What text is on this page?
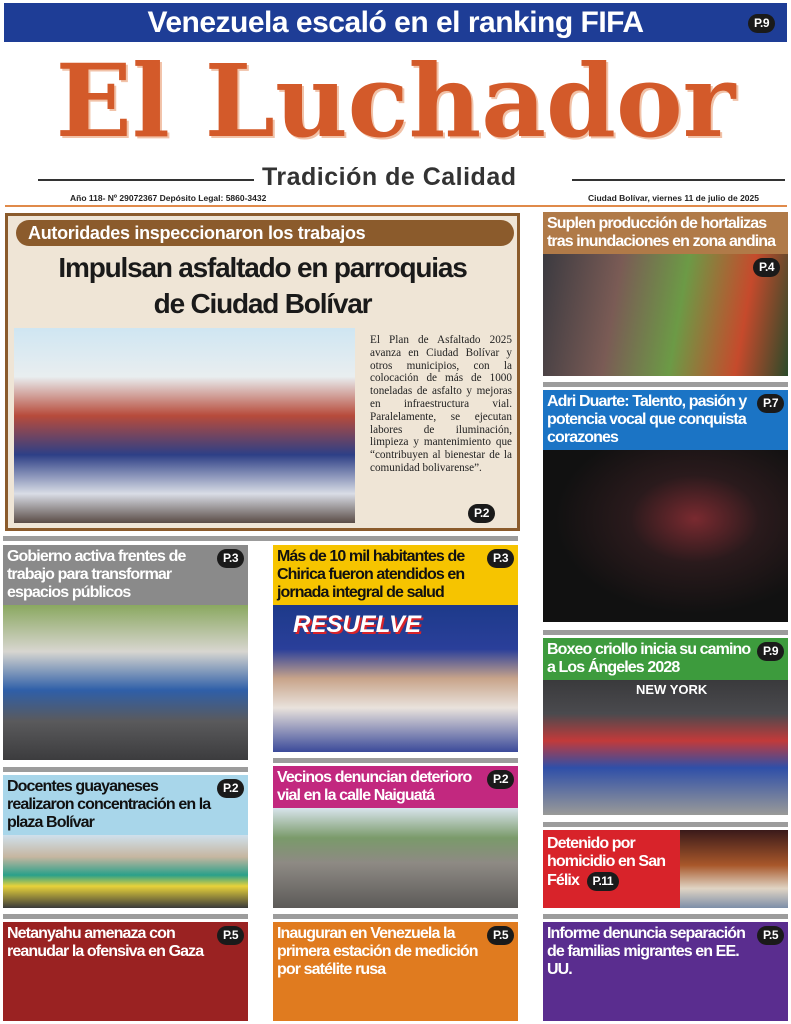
Venezuela escaló en el ranking FIFA	P.9
El Luchador
Tradición de Calidad
Año 118- Nº 29072367 Depósito Legal: 5860-3432	Ciudad Bolívar, viernes 11 de julio de 2025
Autoridades inspeccionaron los trabajos
Impulsan asfaltado en parroquias
de Ciudad Bolívar
El Plan de Asfaltado 2025 avanza en Ciudad Bolívar y otros municipios, con la colocación de más de 1000 toneladas de asfalto y mejoras en infraestructura vial. Paralelamente, se ejecutan labores de iluminación, limpieza y mantenimiento que “contribuyen al bienestar de la comunidad bolivarense”.
P.2
Suplen producción de hortalizas tras inundaciones en zona andina
P.4
P.7
Adri Duarte: Talento, pasión y potencia vocal que conquista corazones
P.9
Boxeo criollo inicia su camino a Los Ángeles 2028
NEW YORK
Detenido por homicidio en San Félix P.11
P.3
Gobierno activa frentes de trabajo para transformar espacios públicos
P.2
Docentes guayaneses realizaron concentración en la plaza Bolívar
P.3
Más de 10 mil habitantes de Chirica fueron atendidos en jornada integral de salud
RESUELVE
P.2
Vecinos denuncian deterioro vial en la calle Naiguatá
P.5
Netanyahu amenaza con reanudar la ofensiva en Gaza
P.5
Inauguran en Venezuela la primera estación de medición por satélite rusa
P.5
Informe denuncia separación de familias migrantes en EE. UU.
